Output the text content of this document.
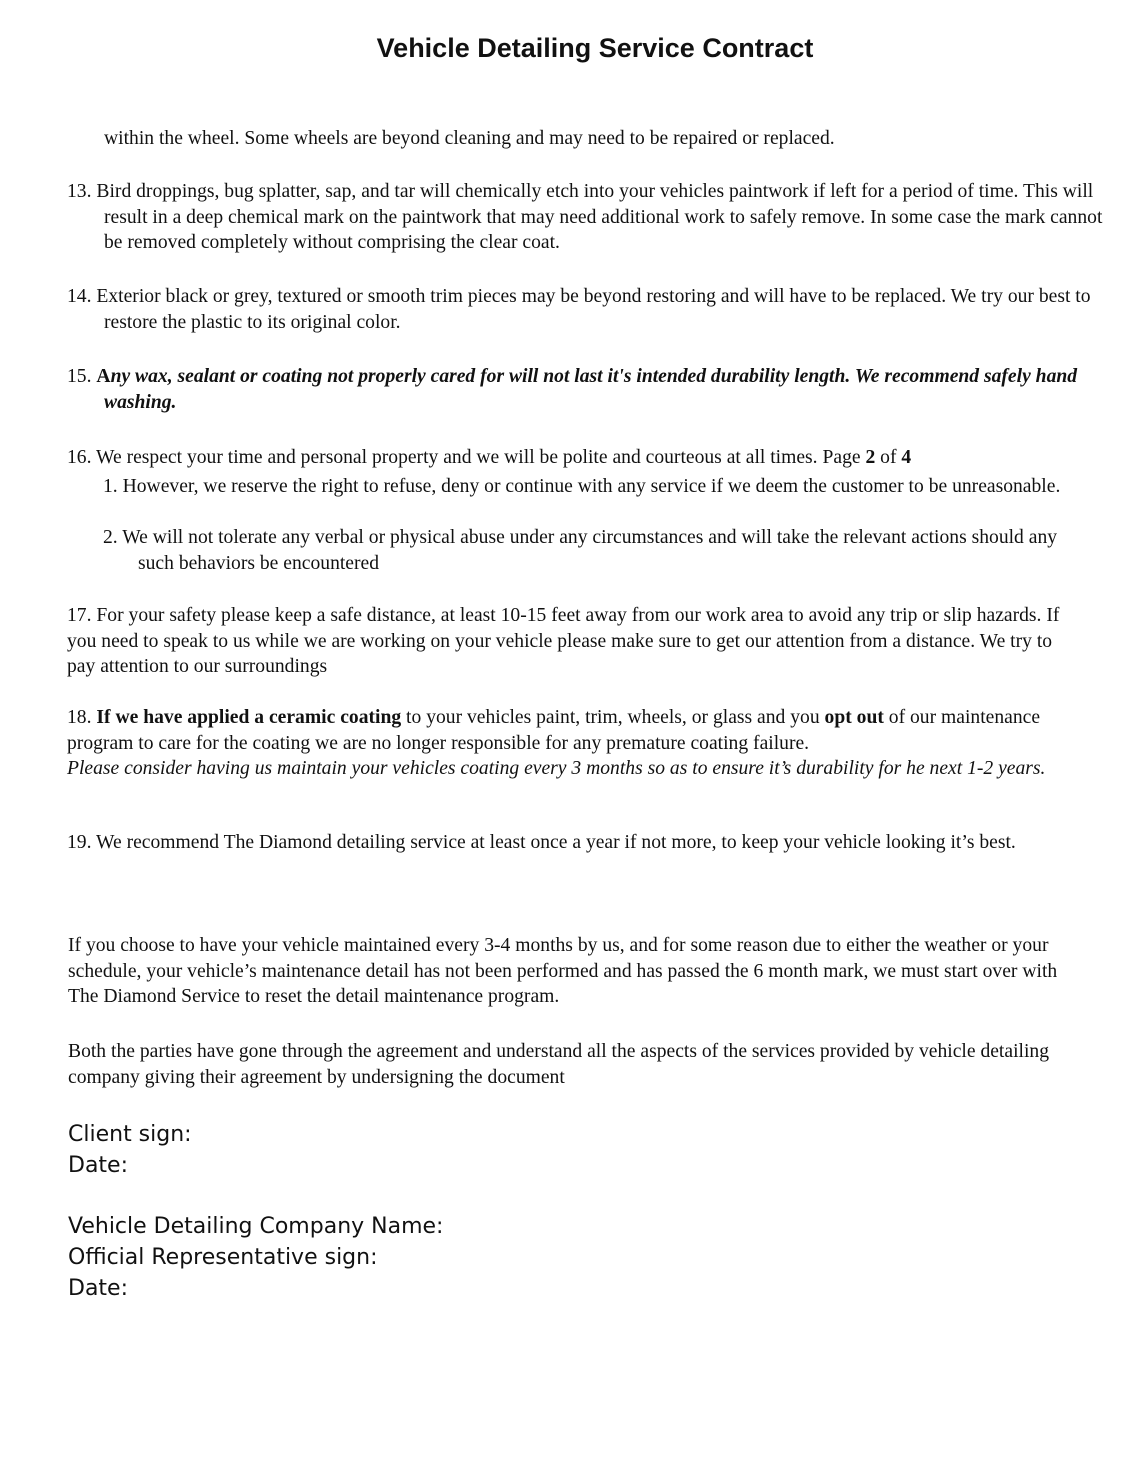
Vehicle Detailing Service Contract
within the wheel. Some wheels are beyond cleaning and may need to be repaired or replaced.
13. Bird droppings, bug splatter, sap, and tar will chemically etch into your vehicles paintwork if left for a period of time. This will result in a deep chemical mark on the paintwork that may need additional work to safely remove. In some case the mark cannot be removed completely without comprising the clear coat.
14. Exterior black or grey, textured or smooth trim pieces may be beyond restoring and will have to be replaced. We try our best to restore the plastic to its original color.
15. Any wax, sealant or coating not properly cared for will not last it's intended durability length. We recommend safely hand washing.
16. We respect your time and personal property and we will be polite and courteous at all times. Page 2 of 4
1. However, we reserve the right to refuse, deny or continue with any service if we deem the customer to be unreasonable.
2. We will not tolerate any verbal or physical abuse under any circumstances and will take the relevant actions should any such behaviors be encountered
17. For your safety please keep a safe distance, at least 10-15 feet away from our work area to avoid any trip or slip hazards. If you need to speak to us while we are working on your vehicle please make sure to get our attention from a distance. We try to pay attention to our surroundings
18. If we have applied a ceramic coating to your vehicles paint, trim, wheels, or glass and you opt out of our maintenance program to care for the coating we are no longer responsible for any premature coating failure.
Please consider having us maintain your vehicles coating every 3 months so as to ensure it’s durability for he next 1-2 years.
19. We recommend The Diamond detailing service at least once a year if not more, to keep your vehicle looking it’s best.
If you choose to have your vehicle maintained every 3-4 months by us, and for some reason due to either the weather or your schedule, your vehicle’s maintenance detail has not been performed and has passed the 6 month mark, we must start over with The Diamond Service to reset the detail maintenance program.
Both the parties have gone through the agreement and understand all the aspects of the services provided by vehicle detailing company giving their agreement by undersigning the document
Client sign:
Date:
Vehicle Detailing Company Name:
Official Representative sign:
Date:
